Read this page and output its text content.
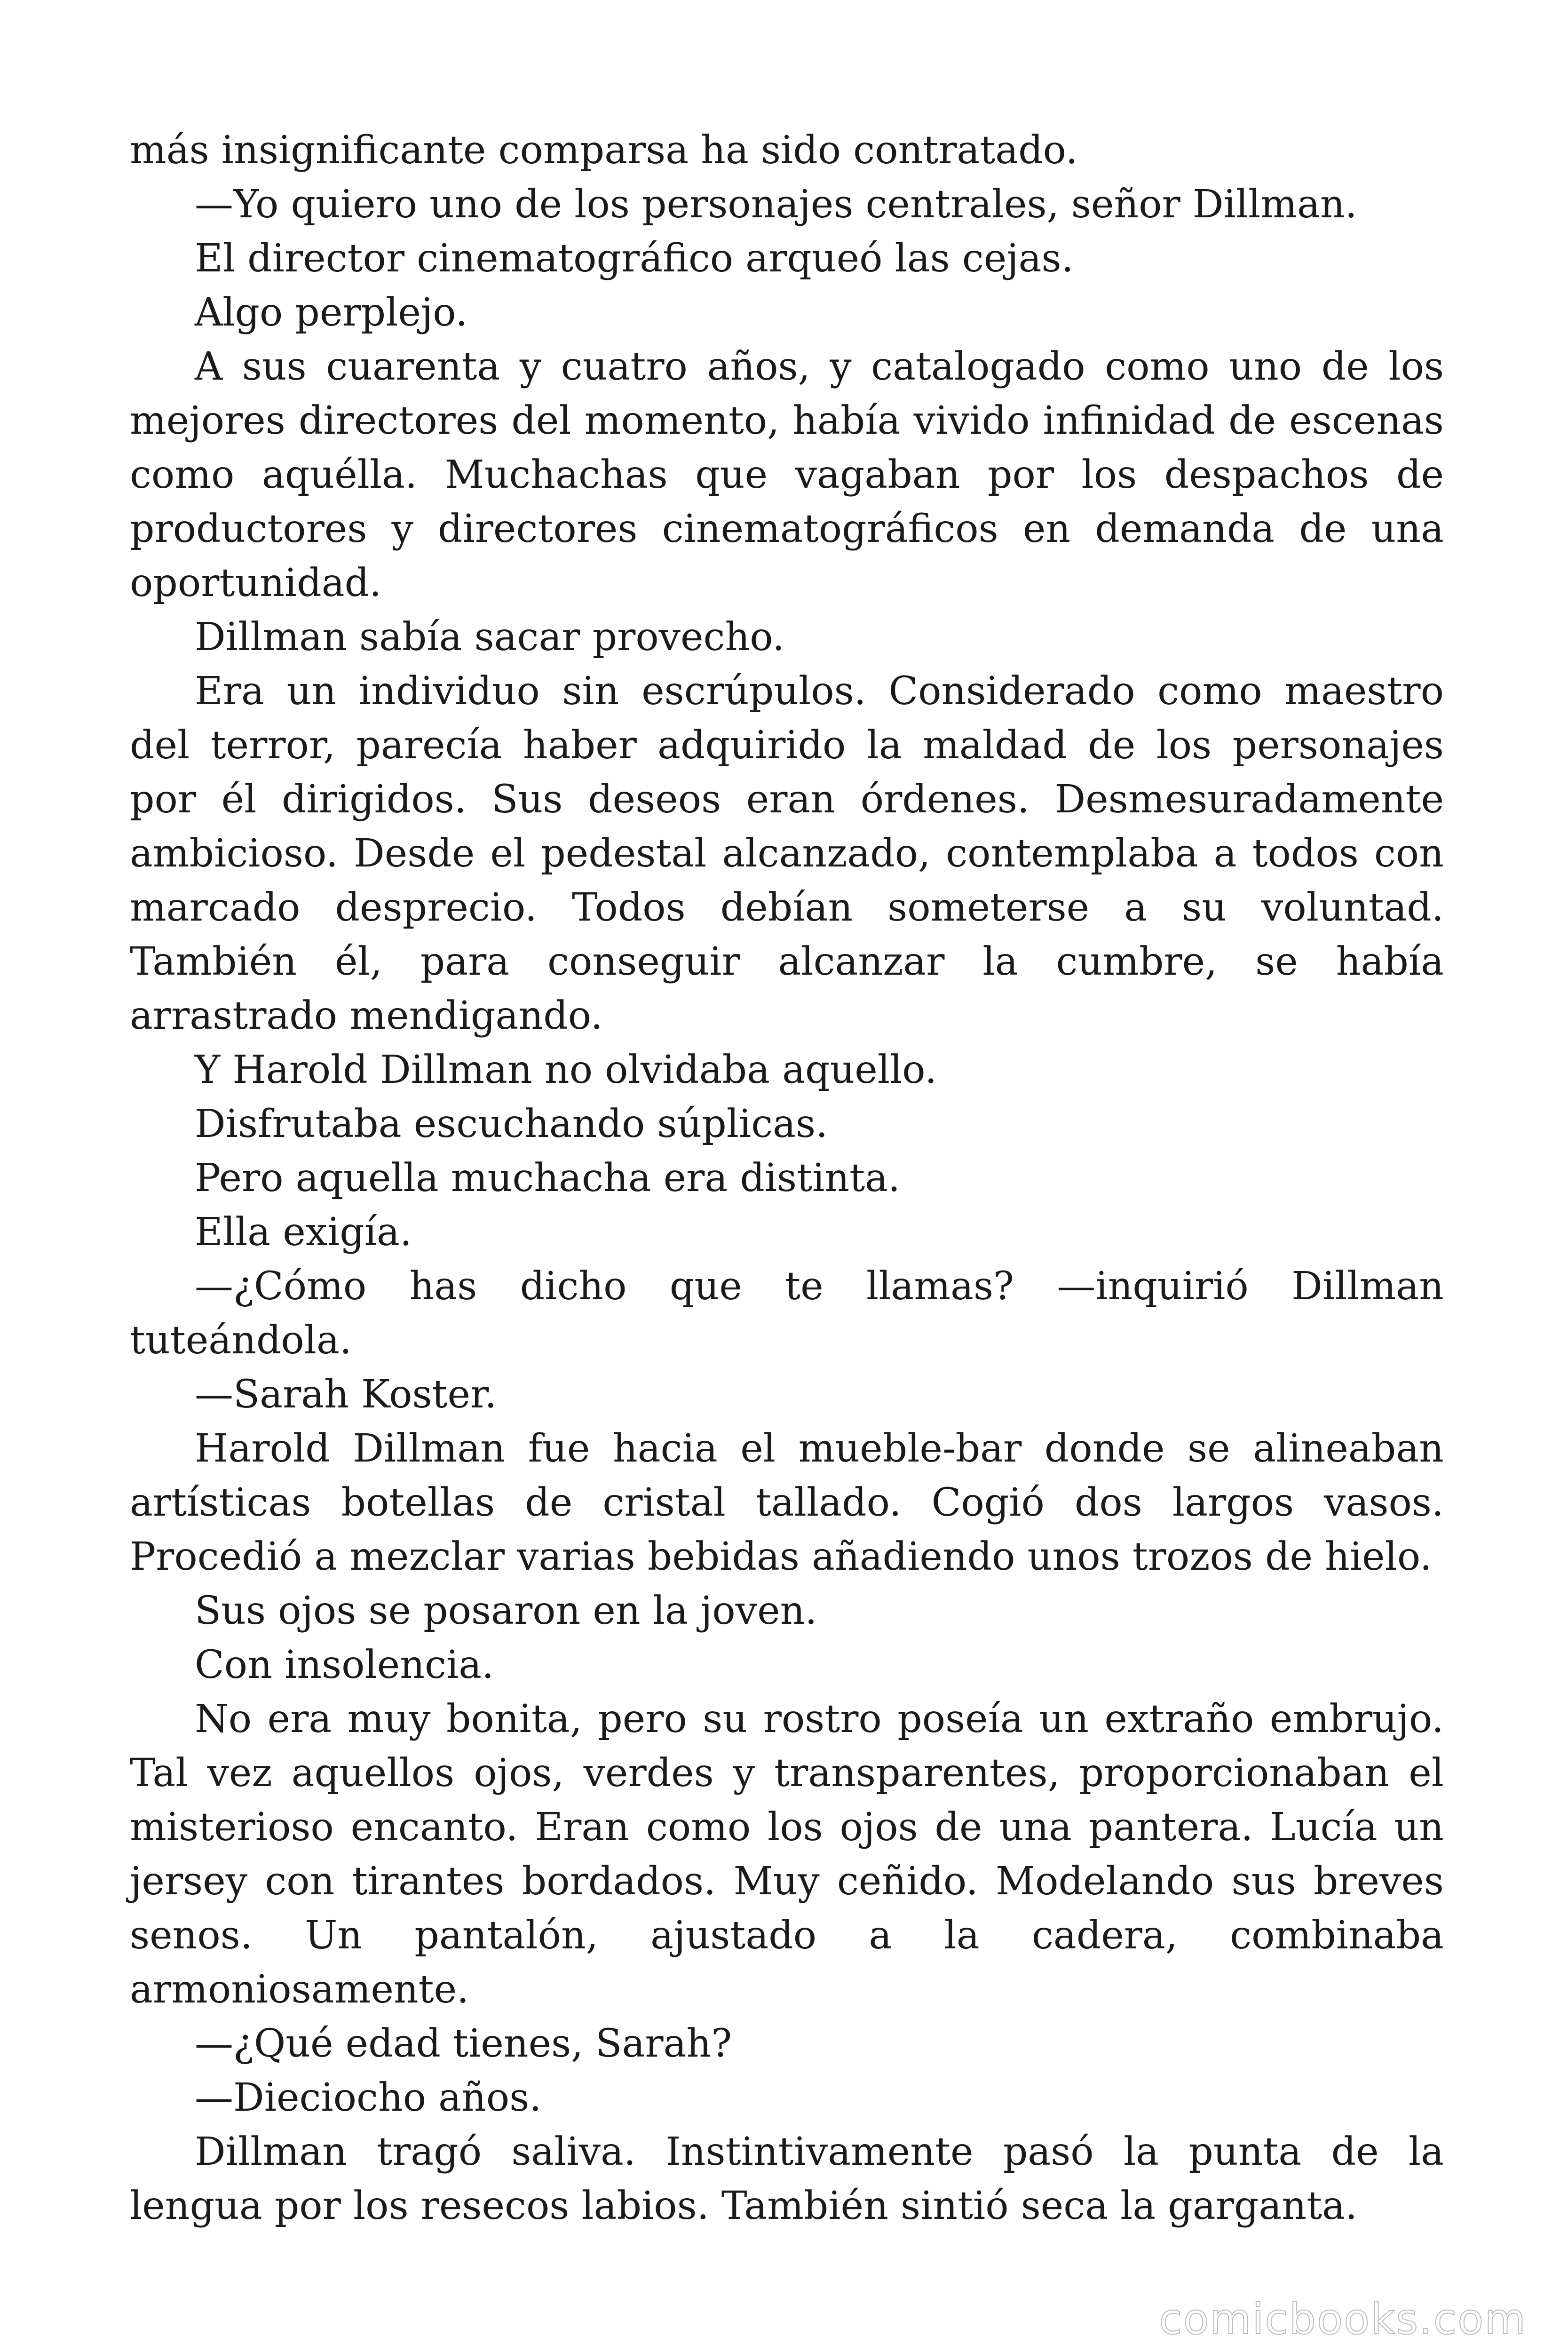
más insignificante comparsa ha sido contratado.

—Yo quiero uno de los personajes centrales, señor Dillman.

El director cinematográfico arqueó las cejas.

Algo perplejo.

A sus cuarenta y cuatro años, y catalogado como uno de los mejores directores del momento, había vivido infinidad de escenas como aquélla. Muchachas que vagaban por los despachos de productores y directores cinematográficos en demanda de una oportunidad.

Dillman sabía sacar provecho.

Era un individuo sin escrúpulos. Considerado como maestro del terror, parecía haber adquirido la maldad de los personajes por él dirigidos. Sus deseos eran órdenes. Desmesuradamente ambicioso. Desde el pedestal alcanzado, contemplaba a todos con marcado desprecio. Todos debían someterse a su voluntad. También él, para conseguir alcanzar la cumbre, se había arrastrado mendigando.

Y Harold Dillman no olvidaba aquello.

Disfrutaba escuchando súplicas.

Pero aquella muchacha era distinta.

Ella exigía.

—¿Cómo has dicho que te llamas? —inquirió Dillman tuteándola.

—Sarah Koster.

Harold Dillman fue hacia el mueble-bar donde se alineaban artísticas botellas de cristal tallado. Cogió dos largos vasos. Procedió a mezclar varias bebidas añadiendo unos trozos de hielo.

Sus ojos se posaron en la joven.

Con insolencia.

No era muy bonita, pero su rostro poseía un extraño embrujo. Tal vez aquellos ojos, verdes y transparentes, proporcionaban el misterioso encanto. Eran como los ojos de una pantera. Lucía un jersey con tirantes bordados. Muy ceñido. Modelando sus breves senos. Un pantalón, ajustado a la cadera, combinaba armoniosamente.

—¿Qué edad tienes, Sarah?

—Dieciocho años.

Dillman tragó saliva. Instintivamente pasó la punta de la lengua por los resecos labios. También sintió seca la garganta.

comicbooks.com
